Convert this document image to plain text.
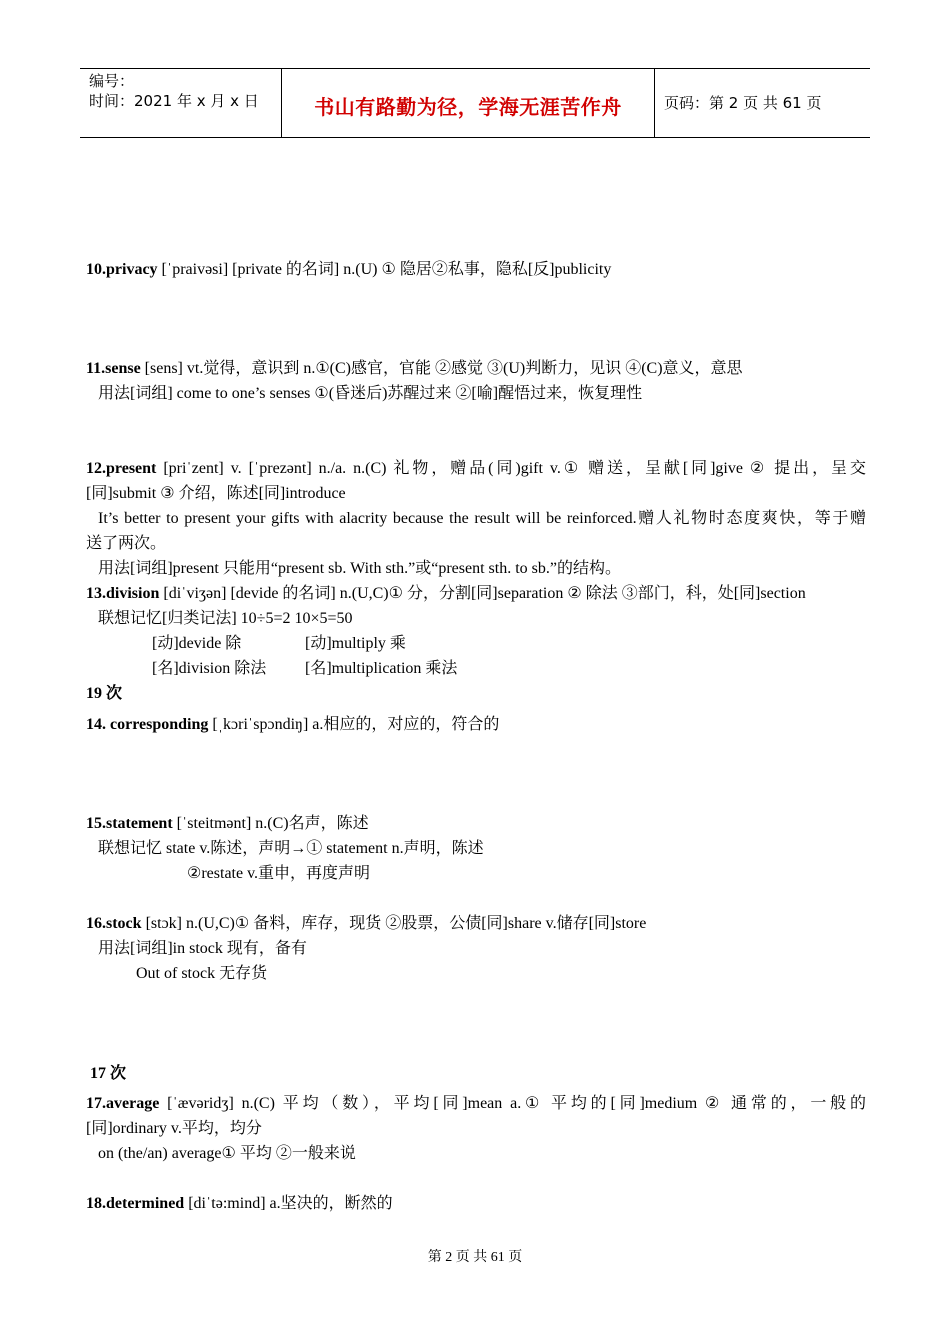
编号：
时间：2021 年 x 月 x 日	书山有路勤为径，学海无涯苦作舟	页码：第 2 页 共 61 页
10.privacy [ˈpraivəsi] [private 的名词] n.(U) ① 隐居②私事，隐私[反]publicity
11.sense [sens] vt.觉得，意识到 n.①(C)感官，官能 ②感觉 ③(U)判断力，见识 ④(C)意义，意思
用法[词组] come to one’s senses ①(昏迷后)苏醒过来 ②[喻]醒悟过来，恢复理性
12.present [priˈzent] v. [ˈprezənt] n./a. n.(C) 礼物，赠品(同)gift v.① 赠送，呈献[同]give ② 提出，呈交
[同]submit ③ 介绍，陈述[同]introduce
It’s better to present your gifts with alacrity because the result will be reinforced.赠人礼物时态度爽快，等于赠
送了两次。
用法[词组]present 只能用“present sb. With sth.”或“present sth. to sb.”的结构。
13.division [diˈviʒən] [devide 的名词] n.(U,C)① 分，分割[同]separation ② 除法 ③部门，科，处[同]section
联想记忆[归类记法] 10÷5=2 10×5=50
[动]devide 除	[动]multiply 乘
[名]division 除法 [名]multiplication 乘法
19 次
14. corresponding [ˌkɔriˈspɔndiŋ] a.相应的，对应的，符合的
15.statement [ˈsteitmənt] n.(C)名声，陈述
联想记忆 state v.陈述，声明→① statement n.声明，陈述
②restate v.重申，再度声明
16.stock [stɔk] n.(U,C)① 备料，库存，现货 ②股票，公债[同]share v.储存[同]store
用法[词组]in stock 现有，备有
Out of stock 无存货
17 次
17.average [ˈævəridʒ] n.(C) 平均（数），平均[同]mean a.① 平均的[同]medium ② 通常的，一般的
[同]ordinary v.平均，均分
on (the/an) average① 平均 ②一般来说
18.determined [diˈtə:mind] a.坚决的，断然的
第 2 页 共 61 页
